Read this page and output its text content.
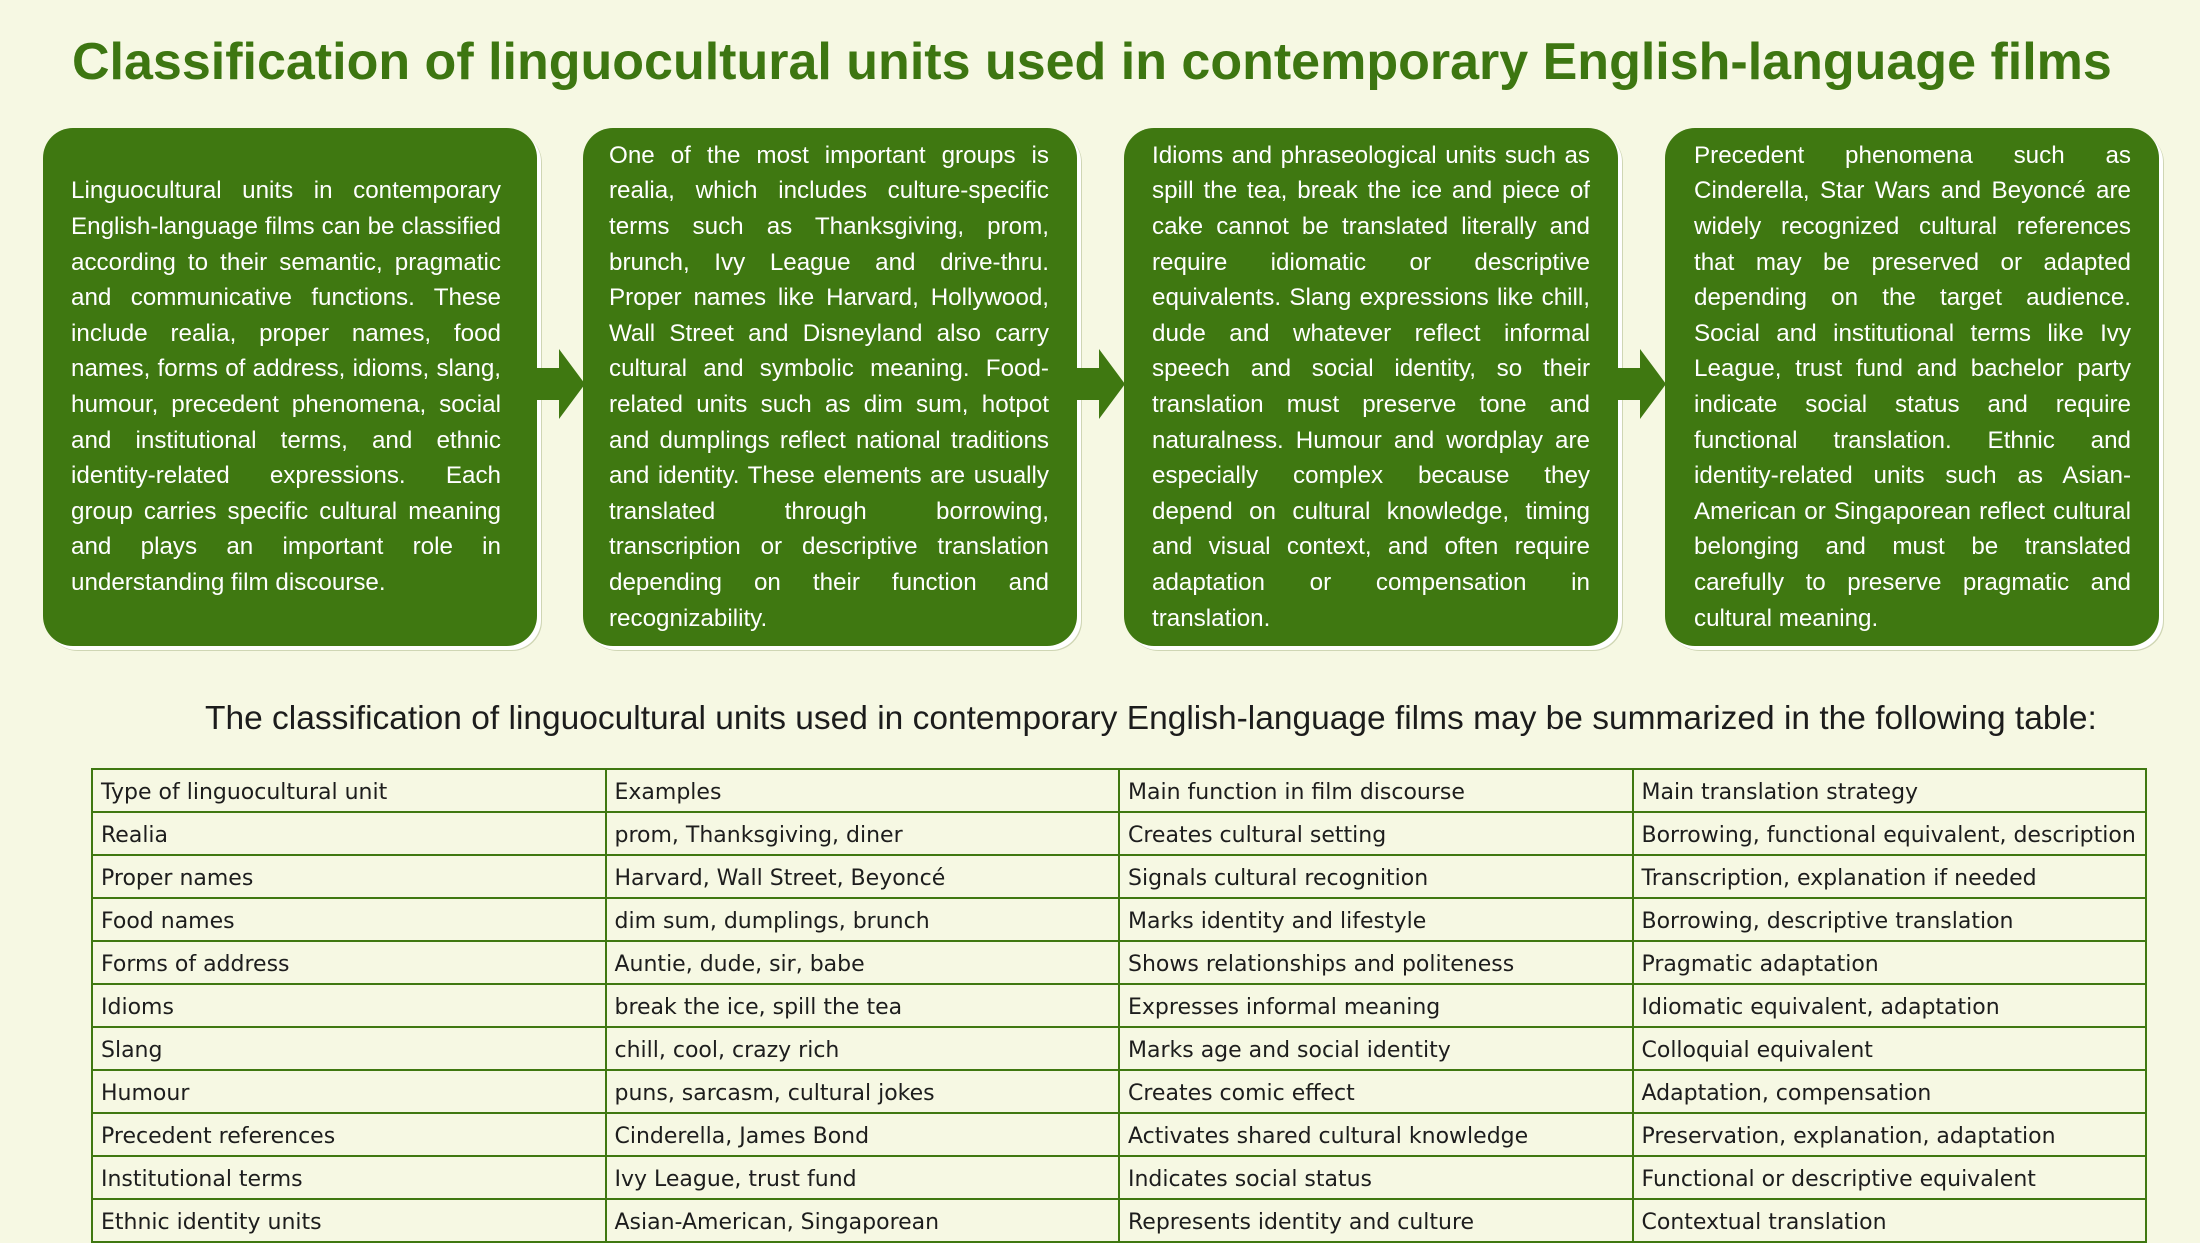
Classification of linguocultural units used in contemporary English-language films

Linguocultural units in contemporary English-language films can be classified according to their semantic, pragmatic and communicative functions. These include realia, proper names, food names, forms of address, idioms, slang, humour, precedent phenomena, social and institutional terms, and ethnic identity-related expressions. Each group carries specific cultural meaning and plays an important role in understanding film discourse.

One of the most important groups is realia, which includes culture-specific terms such as Thanksgiving, prom, brunch, Ivy League and drive-thru. Proper names like Harvard, Hollywood, Wall Street and Disneyland also carry cultural and symbolic meaning. Food-related units such as dim sum, hotpot and dumplings reflect national traditions and identity. These elements are usually translated through borrowing, transcription or descriptive translation depending on their function and recognizability.

Idioms and phraseological units such as spill the tea, break the ice and piece of cake cannot be translated literally and require idiomatic or descriptive equivalents. Slang expressions like chill, dude and whatever reflect informal speech and social identity, so their translation must preserve tone and naturalness. Humour and wordplay are especially complex because they depend on cultural knowledge, timing and visual context, and often require adaptation or compensation in translation.

Precedent phenomena such as Cinderella, Star Wars and Beyoncé are widely recognized cultural references that may be preserved or adapted depending on the target audience. Social and institutional terms like Ivy League, trust fund and bachelor party indicate social status and require functional translation. Ethnic and identity-related units such as Asian-American or Singaporean reflect cultural belonging and must be translated carefully to preserve pragmatic and cultural meaning.

The classification of linguocultural units used in contemporary English-language films may be summarized in the following table:
Type of linguocultural unit	Examples	Main function in film discourse	Main translation strategy
Realia	prom, Thanksgiving, diner	Creates cultural setting	Borrowing, functional equivalent, description
Proper names	Harvard, Wall Street, Beyoncé	Signals cultural recognition	Transcription, explanation if needed
Food names	dim sum, dumplings, brunch	Marks identity and lifestyle	Borrowing, descriptive translation
Forms of address	Auntie, dude, sir, babe	Shows relationships and politeness	Pragmatic adaptation
Idioms	break the ice, spill the tea	Expresses informal meaning	Idiomatic equivalent, adaptation
Slang	chill, cool, crazy rich	Marks age and social identity	Colloquial equivalent
Humour	puns, sarcasm, cultural jokes	Creates comic effect	Adaptation, compensation
Precedent references	Cinderella, James Bond	Activates shared cultural knowledge	Preservation, explanation, adaptation
Institutional terms	Ivy League, trust fund	Indicates social status	Functional or descriptive equivalent
Ethnic identity units	Asian-American, Singaporean	Represents identity and culture	Contextual translation
